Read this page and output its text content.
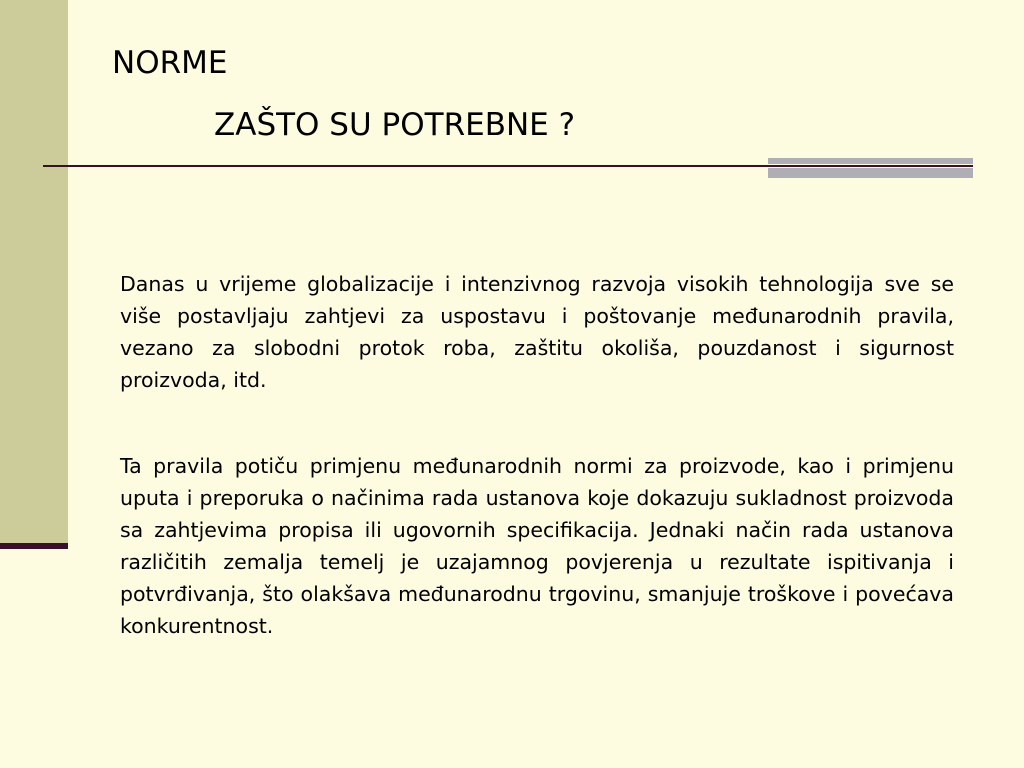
NORME
ZAŠTO SU POTREBNE ?

Danas u vrijeme globalizacije i intenzivnog razvoja visokih tehnologija sve se više postavljaju zahtjevi za uspostavu i poštovanje međunarodnih pravila, vezano za slobodni protok roba, zaštitu okoliša, pouzdanost i sigurnost proizvoda, itd.

Ta pravila potiču primjenu međunarodnih normi za proizvode, kao i primjenu uputa i preporuka o načinima rada ustanova koje dokazuju sukladnost proizvoda sa zahtjevima propisa ili ugovornih specifikacija. Jednaki način rada ustanova različitih zemalja temelj je uzajamnog povjerenja u rezultate ispitivanja i potvrđivanja, što olakšava međunarodnu trgovinu, smanjuje troškove i povećava konkurentnost.
